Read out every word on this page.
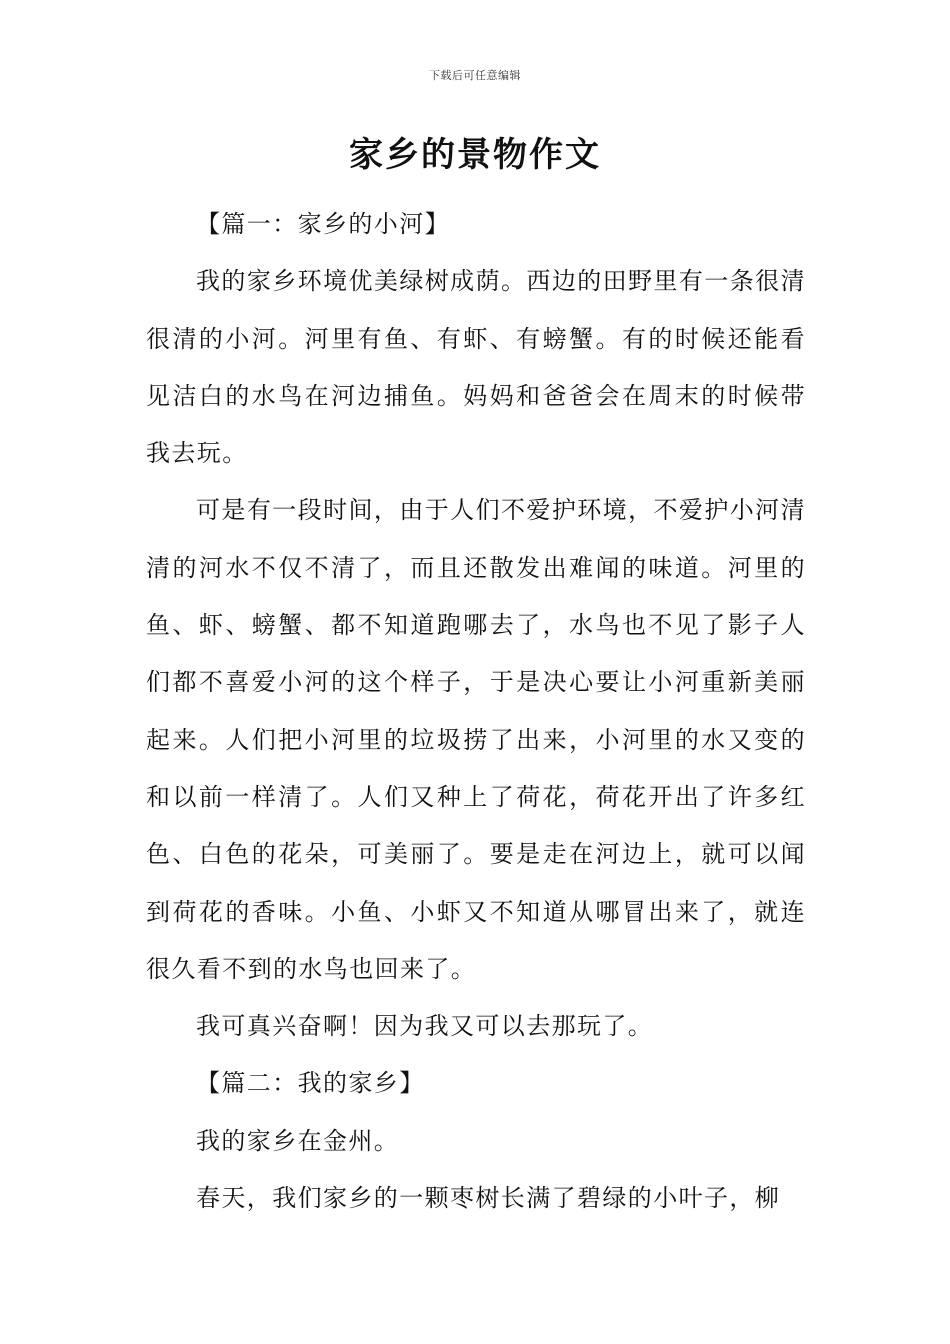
下载后可任意编辑
家乡的景物作文

【篇一：家乡的小河】

我的家乡环境优美绿树成荫。西边的田野里有一条很清很清的小河。河里有鱼、有虾、有螃蟹。有的时候还能看见洁白的水鸟在河边捕鱼。妈妈和爸爸会在周末的时候带我去玩。

可是有一段时间，由于人们不爱护环境，不爱护小河清清的河水不仅不清了，而且还散发出难闻的味道。河里的鱼、虾、螃蟹、都不知道跑哪去了，水鸟也不见了影子人们都不喜爱小河的这个样子，于是决心要让小河重新美丽起来。人们把小河里的垃圾捞了出来，小河里的水又变的和以前一样清了。人们又种上了荷花，荷花开出了许多红色、白色的花朵，可美丽了。要是走在河边上，就可以闻到荷花的香味。小鱼、小虾又不知道从哪冒出来了，就连很久看不到的水鸟也回来了。

我可真兴奋啊！因为我又可以去那玩了。

【篇二：我的家乡】

我的家乡在金州。

春天，我们家乡的一颗枣树长满了碧绿的小叶子，柳
